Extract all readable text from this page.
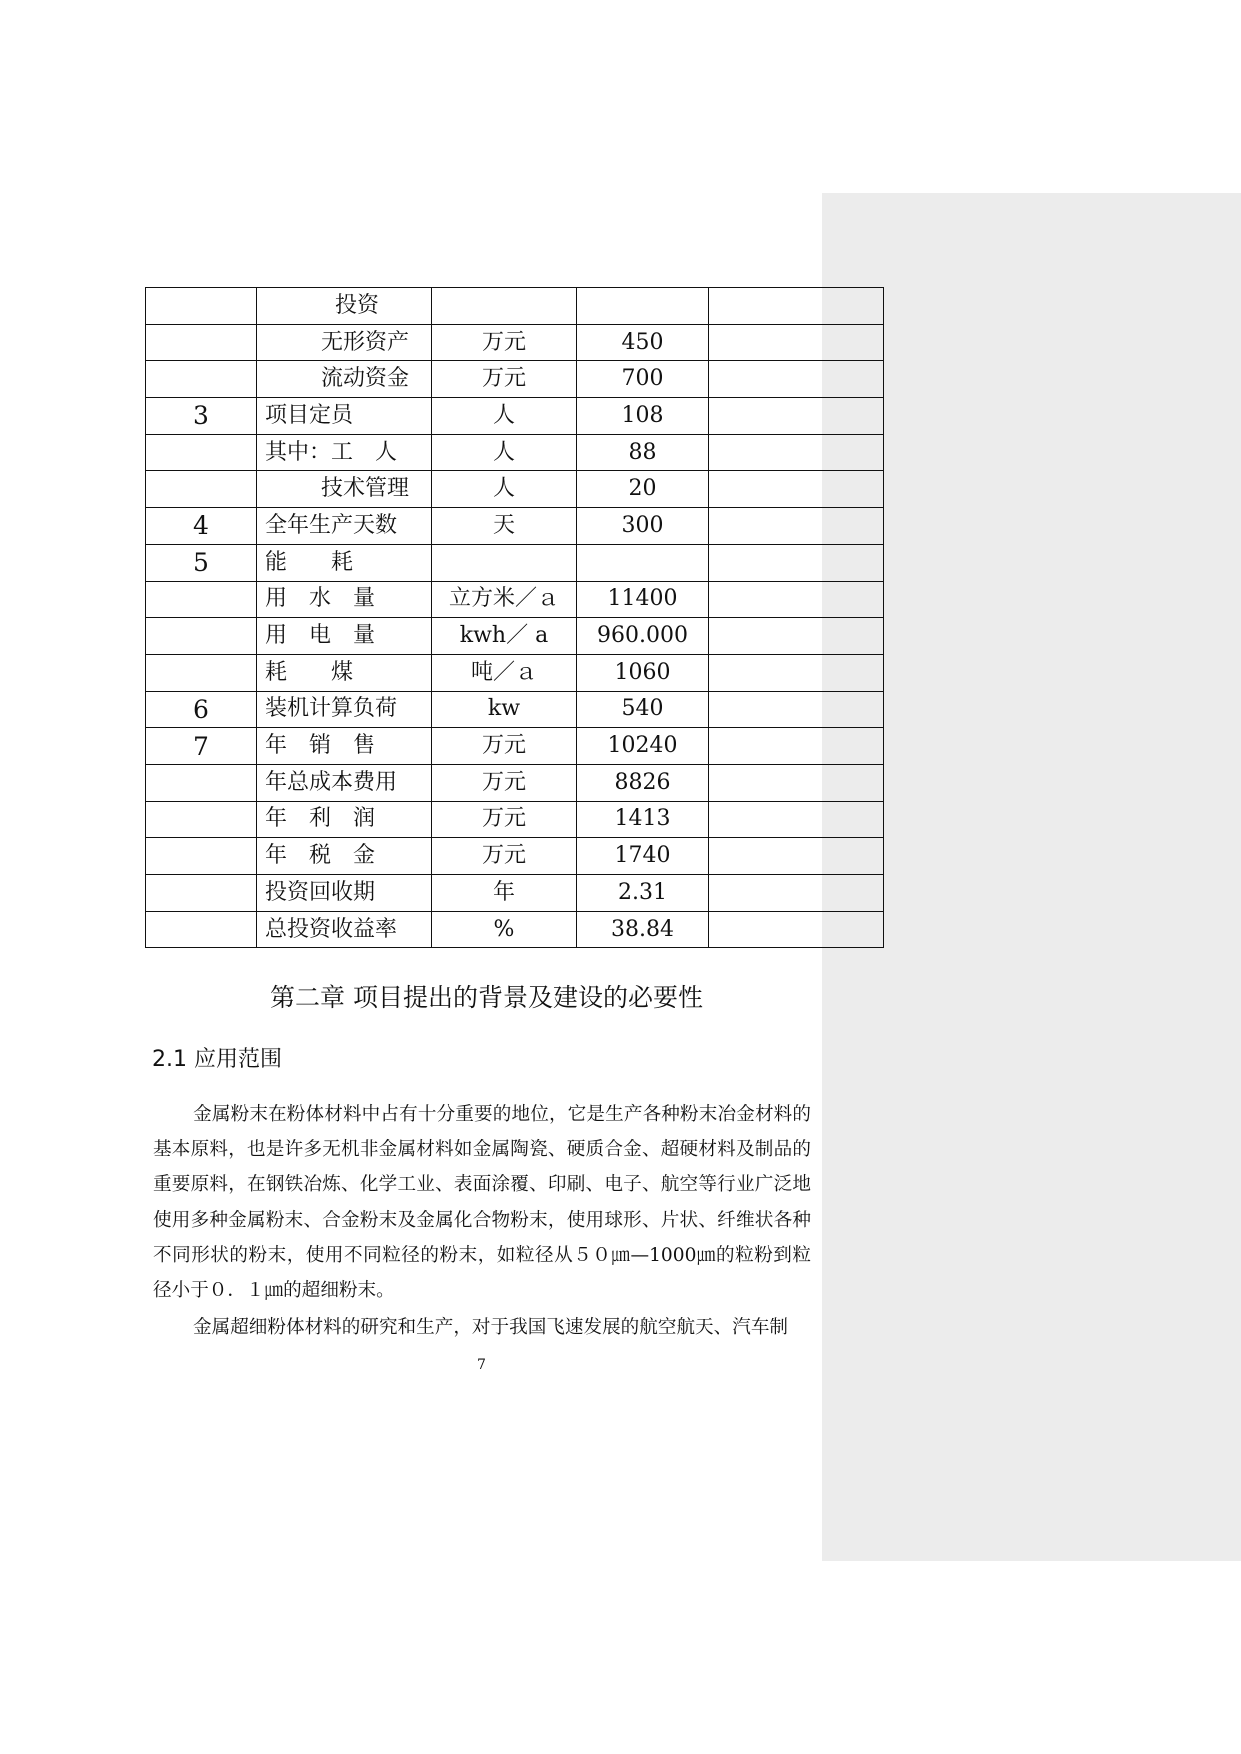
	投资			
	无形资产	万元	450	
	流动资金	万元	700	
3	项目定员	人	108	
	其中：工　人	人	88	
	技术管理	人	20	
4	全年生产天数	天	300	
5	能　　耗			
	用　水　量	立方米／ａ	11400	
	用　电　量	kwh／ a	960.000	
	耗　　煤	吨／ａ	1060	
6	装机计算负荷	kw	540	
7	年　销　售	万元	10240	
	年总成本费用	万元	8826	
	年　利　润	万元	1413	
	年　税　金	万元	1740	
	投资回收期	年	2.31	
	总投资收益率	%	38.84	
第二章 项目提出的背景及建设的必要性
2.1 应用范围

金属粉末在粉体材料中占有十分重要的地位，它是生产各种粉末冶金材料的基本原料，也是许多无机非金属材料如金属陶瓷、硬质合金、超硬材料及制品的重要原料，在钢铁冶炼、化学工业、表面涂覆、印刷、电子、航空等行业广泛地使用多种金属粉末、合金粉末及金属化合物粉末，使用球形、片状、纤维状各种不同形状的粉末，使用不同粒径的粉末，如粒径从５０㎛—1000㎛的粒粉到粒径小于０．１㎛的超细粉末。

金属超细粉体材料的研究和生产，对于我国飞速发展的航空航天、汽车制

7
